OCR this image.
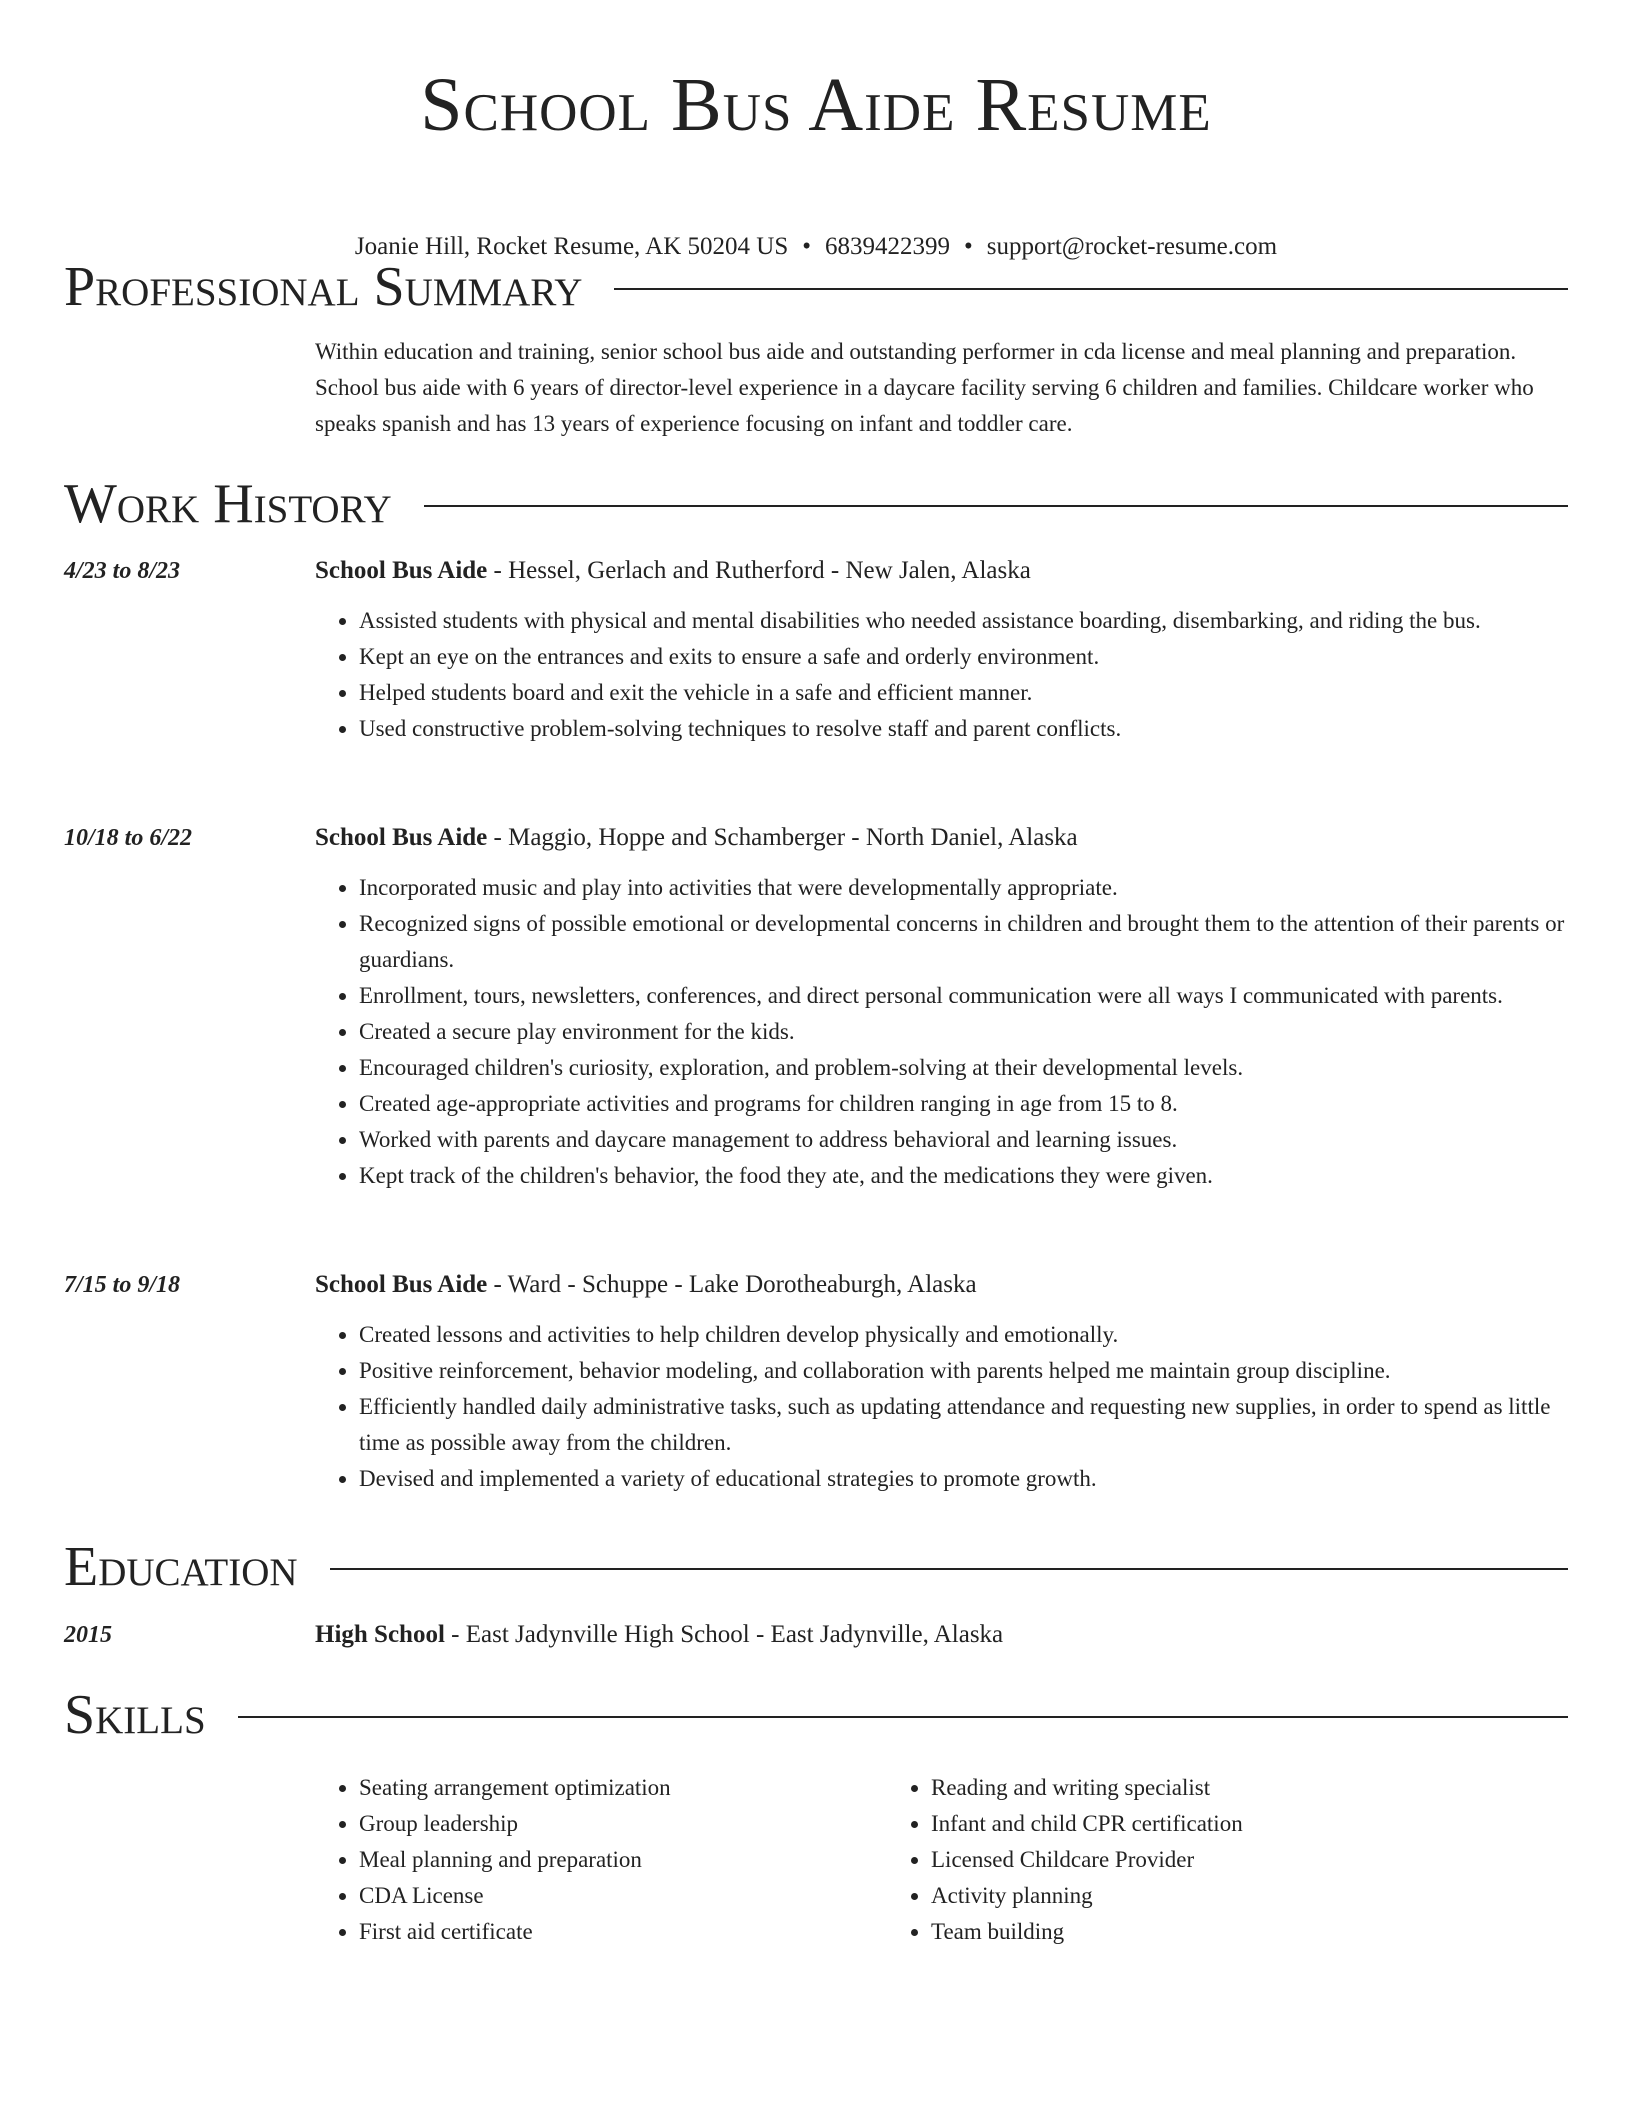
School Bus Aide Resume
Joanie Hill, Rocket Resume, AK 50204 US • 6839422399 • support@rocket-resume.com
Professional Summary
Within education and training, senior school bus aide and outstanding performer in cda license and meal planning and preparation. School bus aide with 6 years of director-level experience in a daycare facility serving 6 children and families. Childcare worker who speaks spanish and has 13 years of experience focusing on infant and toddler care.
Work History
4/23 to 8/23	School Bus Aide - Hessel, Gerlach and Rutherford - New Jalen, Alaska
• Assisted students with physical and mental disabilities who needed assistance boarding, disembarking, and riding the bus.
• Kept an eye on the entrances and exits to ensure a safe and orderly environment.
• Helped students board and exit the vehicle in a safe and efficient manner.
• Used constructive problem-solving techniques to resolve staff and parent conflicts.
10/18 to 6/22	School Bus Aide - Maggio, Hoppe and Schamberger - North Daniel, Alaska
• Incorporated music and play into activities that were developmentally appropriate.
• Recognized signs of possible emotional or developmental concerns in children and brought them to the attention of their parents or guardians.
• Enrollment, tours, newsletters, conferences, and direct personal communication were all ways I communicated with parents.
• Created a secure play environment for the kids.
• Encouraged children's curiosity, exploration, and problem-solving at their developmental levels.
• Created age-appropriate activities and programs for children ranging in age from 15 to 8.
• Worked with parents and daycare management to address behavioral and learning issues.
• Kept track of the children's behavior, the food they ate, and the medications they were given.
7/15 to 9/18	School Bus Aide - Ward - Schuppe - Lake Dorotheaburgh, Alaska
• Created lessons and activities to help children develop physically and emotionally.
• Positive reinforcement, behavior modeling, and collaboration with parents helped me maintain group discipline.
• Efficiently handled daily administrative tasks, such as updating attendance and requesting new supplies, in order to spend as little time as possible away from the children.
• Devised and implemented a variety of educational strategies to promote growth.
Education
2015	High School - East Jadynville High School - East Jadynville, Alaska
Skills
• Seating arrangement optimization
• Group leadership
• Meal planning and preparation
• CDA License
• First aid certificate
• Reading and writing specialist
• Infant and child CPR certification
• Licensed Childcare Provider
• Activity planning
• Team building
